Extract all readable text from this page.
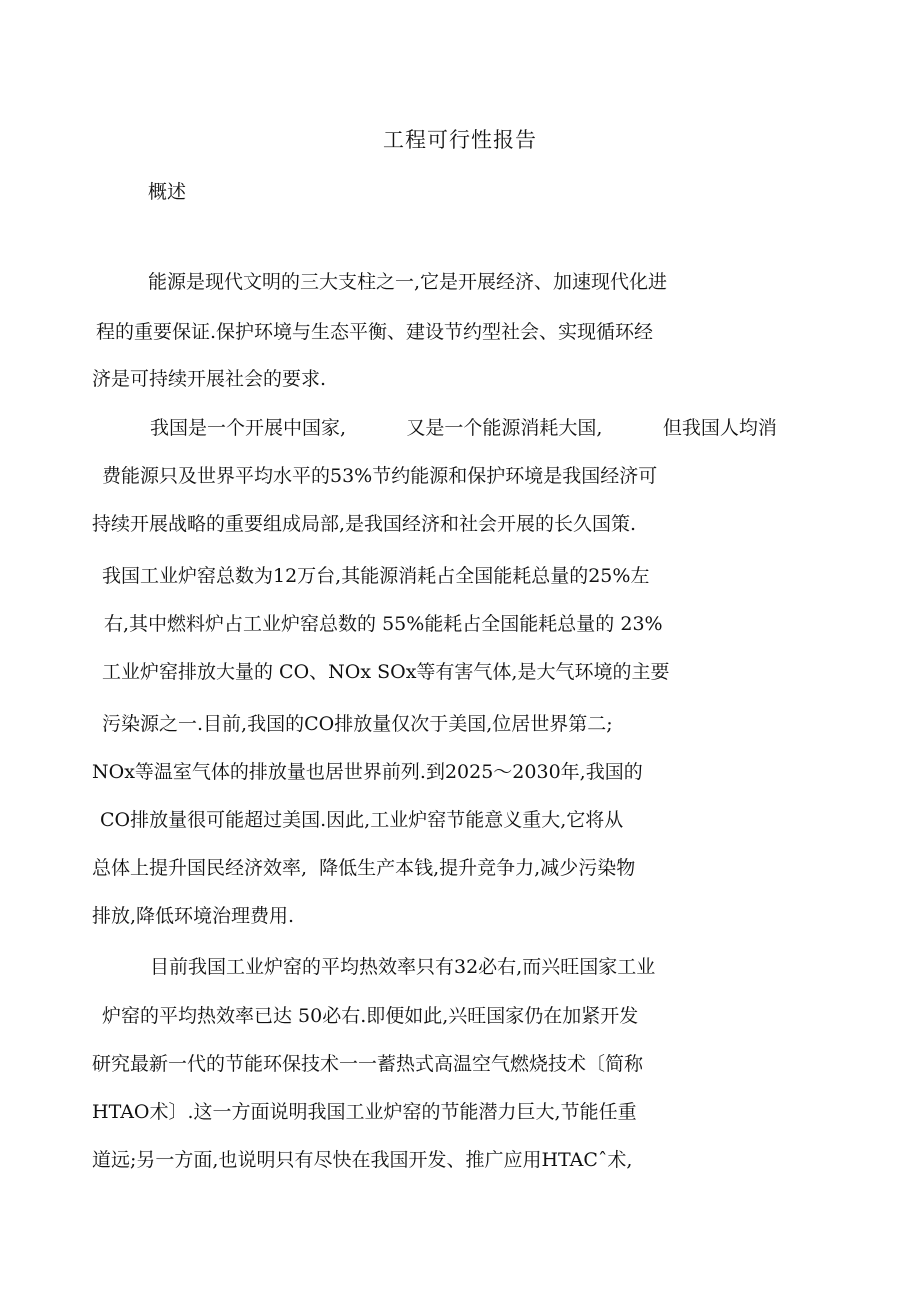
工程可行性报告
概述
能源是现代文明的三大支柱之一,它是开展经济、加速现代化进
程的重要保证.保护环境与生态平衡、建设节约型社会、实现循环经
济是可持续开展社会的要求.
我国是一个开展中国家,          又是一个能源消耗大国,          但我国人均消
费能源只及世界平均水平的53%节约能源和保护环境是我国经济可
持续开展战略的重要组成局部,是我国经济和社会开展的长久国策.
我国工业炉窑总数为12万台,其能源消耗占全国能耗总量的25%左
右,其中燃料炉占工业炉窑总数的 55%能耗占全国能耗总量的 23%
工业炉窑排放大量的 CO、NOx SOx等有害气体,是大气环境的主要
污染源之一.目前,我国的CO排放量仅次于美国,位居世界第二;
NOx等温室气体的排放量也居世界前列.到2025～2030年,我国的
CO排放量很可能超过美国.因此,工业炉窑节能意义重大,它将从
总体上提升国民经济效率,  降低生产本钱,提升竞争力,减少污染物
排放,降低环境治理费用.
目前我国工业炉窑的平均热效率只有32必右,而兴旺国家工业
炉窑的平均热效率已达 50必右.即便如此,兴旺国家仍在加紧开发
研究最新一代的节能环保技术一一蓄热式高温空气燃烧技术〔简称
HTAO术〕.这一方面说明我国工业炉窑的节能潜力巨大,节能任重
道远;另一方面,也说明只有尽快在我国开发、推广应用HTACˆ术,
